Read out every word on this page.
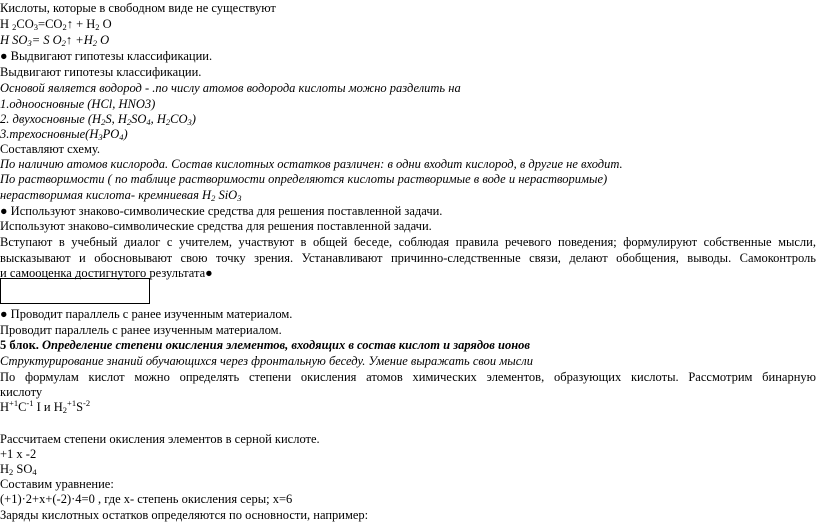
Кислоты, которые в свободном виде не существуют
H $_2CO_3=CO_2↑ + H_2$ O
H $SO_3= S$ $O_2↑ +H_2$ O
● Выдвигают гипотезы классификации.
Выдвигают гипотезы классификации.
Основой является водород - .по числу атомов водорода кислоты можно разделить на
1.одноосновные (HCl, HNO3)
2. двухосновные ($H_2S$, $H_2SO_4$, $H_2CO_3$)
$3.трехосновные(H_3PO_4)$
Составляют схему.
По наличию атомов кислорода. Состав кислотных остатков различен: в одни входит кислород, в другие не входит.
По растворимости ( по таблице растворимости определяются кислоты растворимые в воде и нерастворимые)
нерастворимая кислота- кремниевая $H_2$ SiO$_3$
● Используют знаково-символические средства для решения поставленной задачи.
Используют знаково-символические средства для решения поставленной задачи.
Вступают в учебный диалог с учителем, участвуют в общей беседе, соблюдая правила речевого поведения; формулируют собственные мысли,
высказывают и обосновывают свою точку зрения. Устанавливают причинно-следственные связи, делают обобщения, выводы. Самоконтроль
и самооценка достигнутого результата●
● Проводит параллель с ранее изученным материалом.
Проводит параллель с ранее изученным материалом.
5 блок. Определение степени окисления элементов, входящих в состав кислот и зарядов ионов
Структурирование знаний обучающихся через фронтальную беседу. Умение выражать свои мысли
По формулам кислот можно определять степени окисления атомов химических элементов, образующих кислоты. Рассмотрим бинарную
кислоту
$H^{+1}C^{-1}$ I и $H_2^{+1}S^{-2}$
Рассчитаем степени окисления элементов в серной кислоте.
+1 x -2
$H_2$ $SO_4$
Составим уравнение:
(+1)·2+x+(-2)·4=0 , где x- степень окисления серы; x=6
Заряды кислотных остатков определяются по основности, например:
